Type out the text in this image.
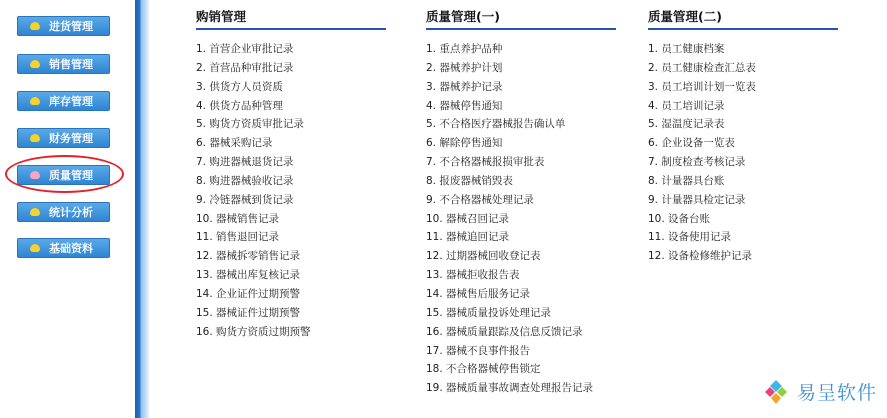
进货管理
销售管理
库存管理
财务管理
质量管理
统计分析
基础资料
购销管理
1. 首营企业审批记录
2. 首营品种审批记录
3. 供货方人员资质
4. 供货方品种管理
5. 购货方资质审批记录
6. 器械采购记录
7. 购进器械退货记录
8. 购进器械验收记录
9. 冷链器械到货记录
10. 器械销售记录
11. 销售退回记录
12. 器械拆零销售记录
13. 器械出库复核记录
14. 企业证件过期预警
15. 器械证件过期预警
16. 购货方资质过期预警
质量管理(一)
1. 重点养护品种
2. 器械养护计划
3. 器械养护记录
4. 器械停售通知
5. 不合格医疗器械报告确认单
6. 解除停售通知
7. 不合格器械报损审批表
8. 报废器械销毁表
9. 不合格器械处理记录
10. 器械召回记录
11. 器械追回记录
12. 过期器械回收登记表
13. 器械拒收报告表
14. 器械售后服务记录
15. 器械质量投诉处理记录
16. 器械质量跟踪及信息反馈记录
17. 器械不良事件报告
18. 不合格器械停售锁定
19. 器械质量事故调查处理报告记录
质量管理(二)
1. 员工健康档案
2. 员工健康检查汇总表
3. 员工培训计划一览表
4. 员工培训记录
5. 湿温度记录表
6. 企业设备一览表
7. 制度检查考核记录
8. 计量器具台账
9. 计量器具检定记录
10. 设备台账
11. 设备使用记录
12. 设备检修维护记录
易呈软件
